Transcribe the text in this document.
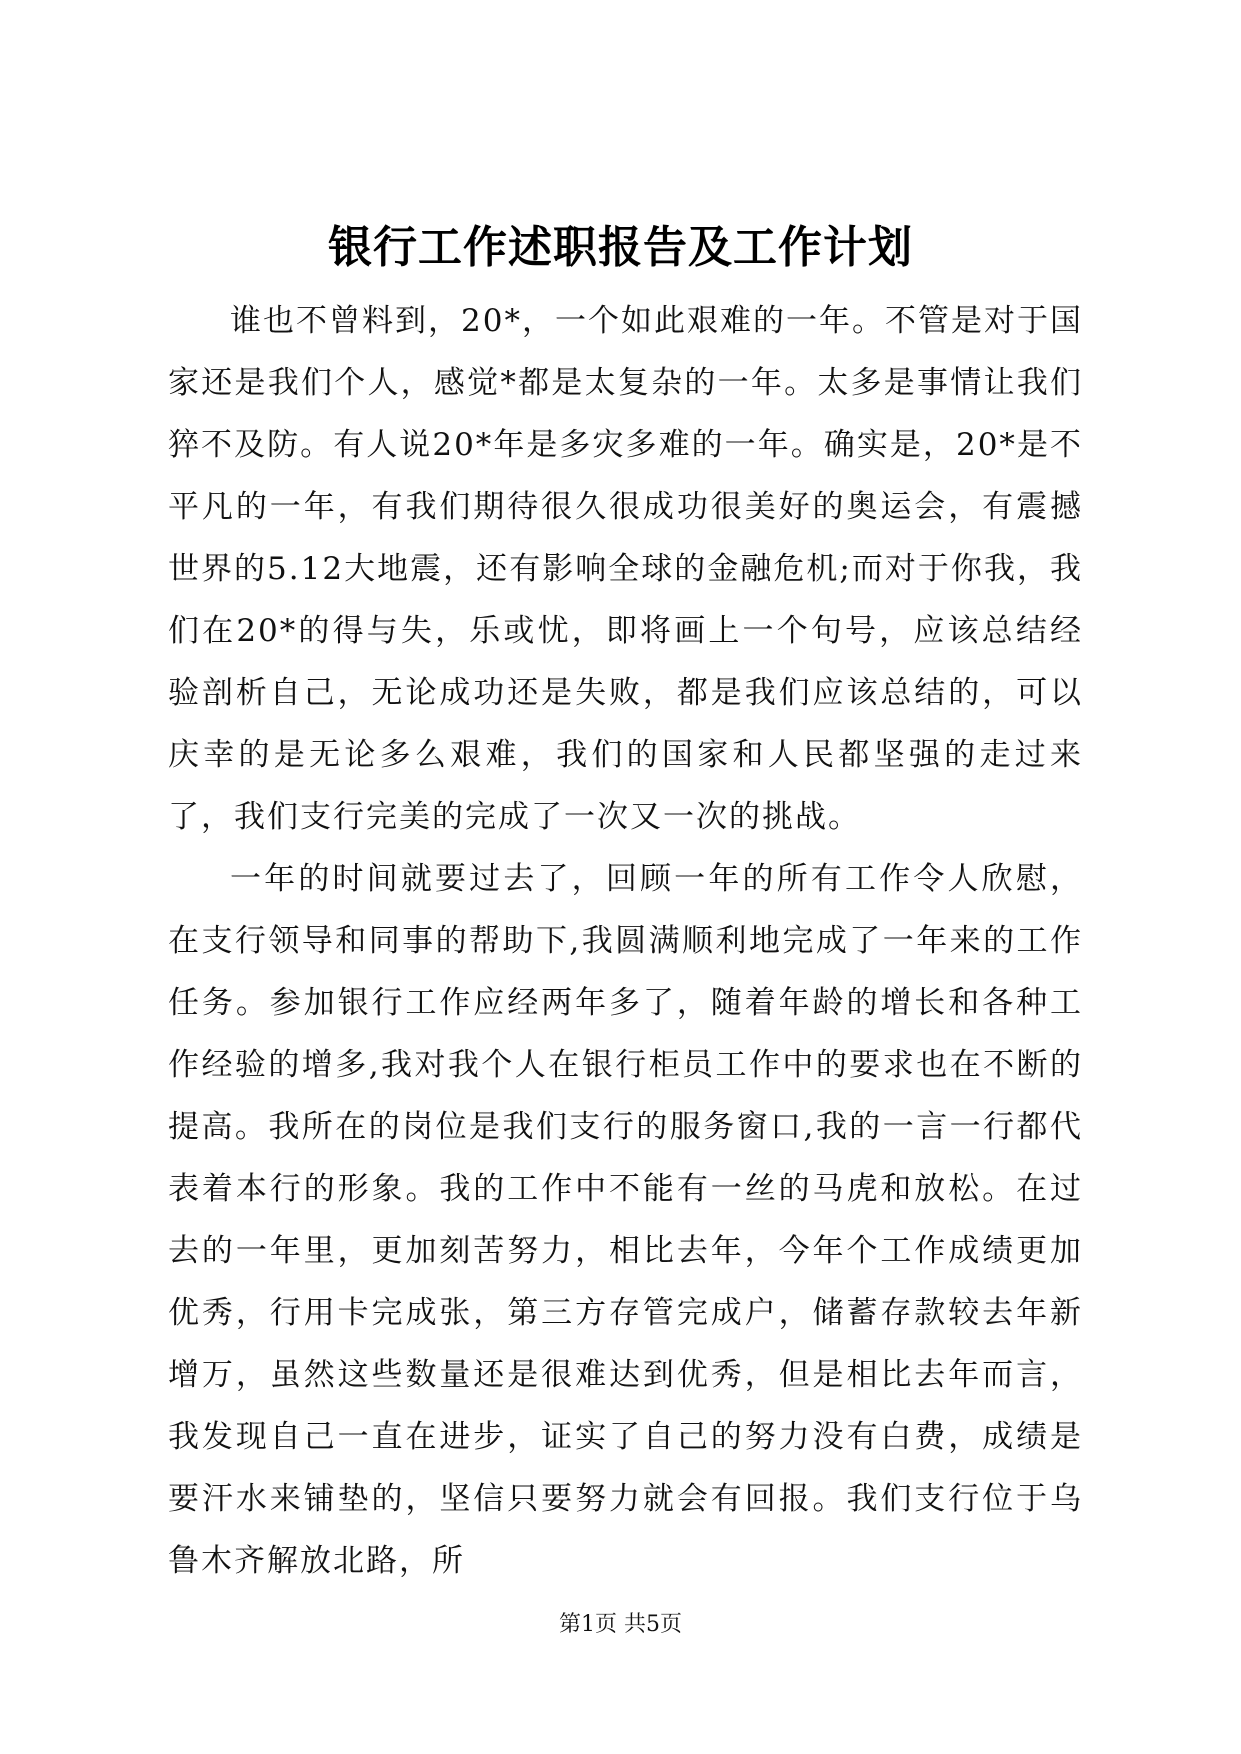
银行工作述职报告及工作计划

谁也不曾料到，20*，一个如此艰难的一年。不管是对于国家还是我们个人，感觉*都是太复杂的一年。太多是事情让我们猝不及防。有人说20*年是多灾多难的一年。确实是，20*是不平凡的一年，有我们期待很久很成功很美好的奥运会，有震撼世界的5.12大地震，还有影响全球的金融危机;而对于你我，我们在20*的得与失，乐或忧，即将画上一个句号，应该总结经验剖析自己，无论成功还是失败，都是我们应该总结的，可以庆幸的是无论多么艰难，我们的国家和人民都坚强的走过来了，我们支行完美的完成了一次又一次的挑战。

一年的时间就要过去了，回顾一年的所有工作令人欣慰，在支行领导和同事的帮助下,我圆满顺利地完成了一年来的工作任务。参加银行工作应经两年多了，随着年龄的增长和各种工作经验的增多,我对我个人在银行柜员工作中的要求也在不断的提高。我所在的岗位是我们支行的服务窗口,我的一言一行都代表着本行的形象。我的工作中不能有一丝的马虎和放松。在过去的一年里，更加刻苦努力，相比去年，今年个工作成绩更加优秀，行用卡完成张，第三方存管完成户，储蓄存款较去年新增万，虽然这些数量还是很难达到优秀，但是相比去年而言，我发现自己一直在进步，证实了自己的努力没有白费，成绩是要汗水来铺垫的，坚信只要努力就会有回报。我们支行位于乌鲁木齐解放北路，所

第1页 共5页
